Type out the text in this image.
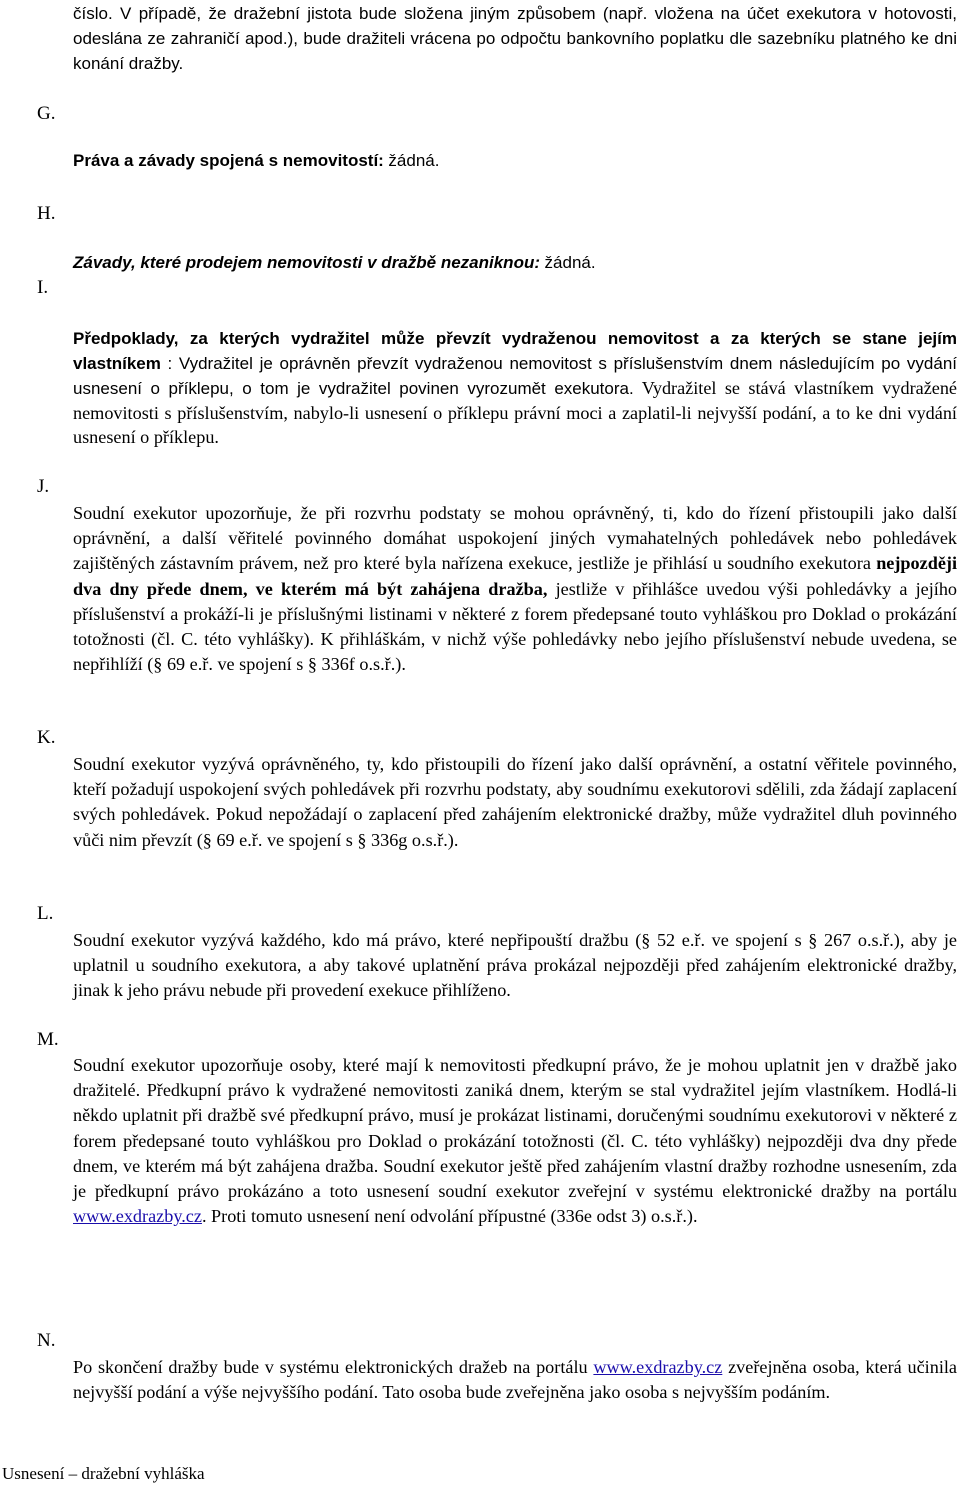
číslo. V případě, že dražební jistota bude složena jiným způsobem (např. vložena na účet exekutora v hotovosti, odeslána ze zahraničí apod.), bude dražiteli vrácena po odpočtu bankovního poplatku dle sazebníku platného ke dni konání dražby.

G.
H.
I.
J.
K.
L.
M.
N.

Práva a závady spojená s nemovitostí: žádná.

Závady, které prodejem nemovitosti v dražbě nezaniknou: žádná.

Předpoklady, za kterých vydražitel může převzít vydraženou nemovitost a za kterých se stane jejím vlastníkem : Vydražitel je oprávněn převzít vydraženou nemovitost s příslušenstvím dnem následujícím po vydání usnesení o příklepu, o tom je vydražitel povinen vyrozumět exekutora. Vydražitel se stává vlastníkem vydražené nemovitosti s příslušenstvím, nabylo-li usnesení o příklepu právní moci a zaplatil-li nejvyšší podání, a to ke dni vydání usnesení o příklepu.

Soudní exekutor upozorňuje, že při rozvrhu podstaty se mohou oprávněný, ti, kdo do řízení přistoupili jako další oprávnění, a další věřitelé povinného domáhat uspokojení jiných vymahatelných pohledávek nebo pohledávek zajištěných zástavním právem, než pro které byla nařízena exekuce, jestliže je přihlásí u soudního exekutora nejpozději dva dny přede dnem, ve kterém má být zahájena dražba, jestliže v přihlášce uvedou výši pohledávky a jejího příslušenství a prokáží-li je příslušnými listinami v některé z forem předepsané touto vyhláškou pro Doklad o prokázání totožnosti (čl. C. této vyhlášky). K přihláškám, v nichž výše pohledávky nebo jejího příslušenství nebude uvedena, se nepřihlíží (§ 69 e.ř. ve spojení s § 336f o.s.ř.).

Soudní exekutor vyzývá oprávněného, ty, kdo přistoupili do řízení jako další oprávnění, a ostatní věřitele povinného, kteří požadují uspokojení svých pohledávek při rozvrhu podstaty, aby soudnímu exekutorovi sdělili, zda žádají zaplacení svých pohledávek. Pokud nepožádají o zaplacení před zahájením elektronické dražby, může vydražitel dluh povinného vůči nim převzít (§ 69 e.ř. ve spojení s § 336g o.s.ř.).

Soudní exekutor vyzývá každého, kdo má právo, které nepřipouští dražbu (§ 52 e.ř. ve spojení s § 267 o.s.ř.), aby je uplatnil u soudního exekutora, a aby takové uplatnění práva prokázal nejpozději před zahájením elektronické dražby, jinak k jeho právu nebude při provedení exekuce přihlíženo.

Soudní exekutor upozorňuje osoby, které mají k nemovitosti předkupní právo, že je mohou uplatnit jen v dražbě jako dražitelé. Předkupní právo k vydražené nemovitosti zaniká dnem, kterým se stal vydražitel jejím vlastníkem. Hodlá-li někdo uplatnit při dražbě své předkupní právo, musí je prokázat listinami, doručenými soudnímu exekutorovi v některé z forem předepsané touto vyhláškou pro Doklad o prokázání totožnosti (čl. C. této vyhlášky) nejpozději dva dny přede dnem, ve kterém má být zahájena dražba. Soudní exekutor ještě před zahájením vlastní dražby rozhodne usnesením, zda je předkupní právo prokázáno a toto usnesení soudní exekutor zveřejní v systému elektronické dražby na portálu www.exdrazby.cz. Proti tomuto usnesení není odvolání přípustné (336e odst 3) o.s.ř.).

Po skončení dražby bude v systému elektronických dražeb na portálu www.exdrazby.cz zveřejněna osoba, která učinila nejvyšší podání a výše nejvyššího podání. Tato osoba bude zveřejněna jako osoba s nejvyšším podáním.

Usnesení – dražební vyhláška
